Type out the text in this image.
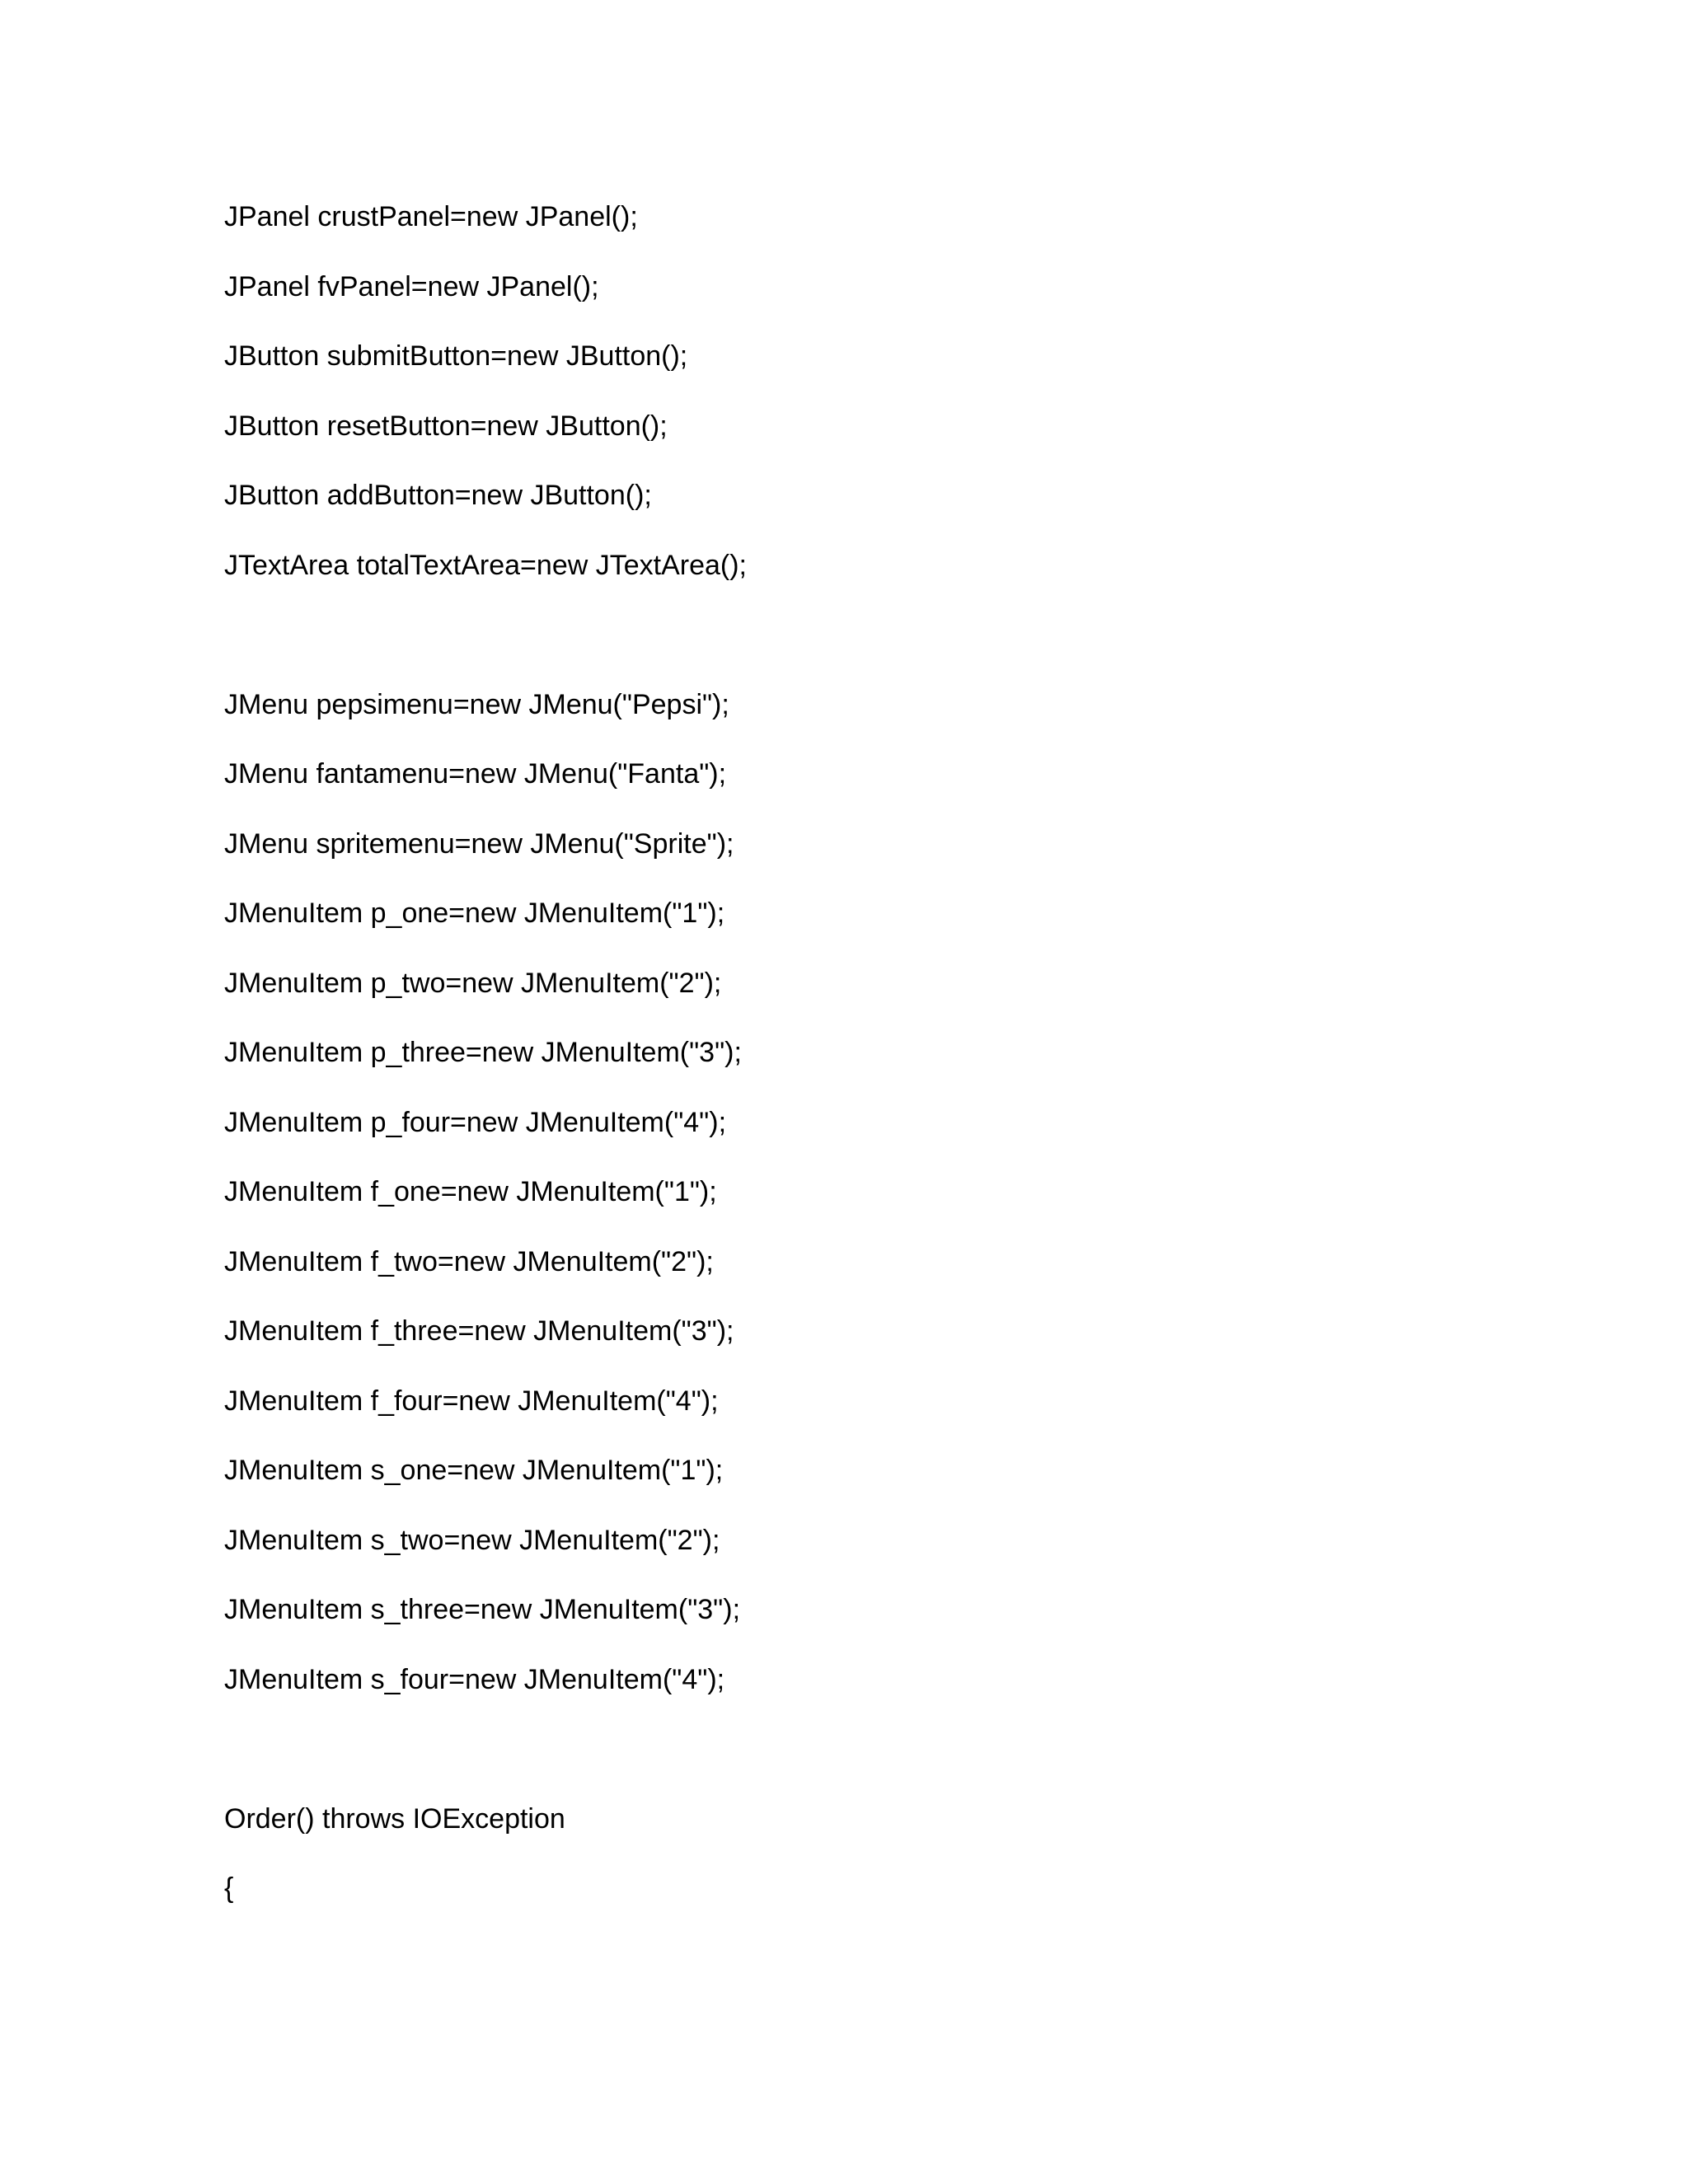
JPanel crustPanel=new JPanel();
JPanel fvPanel=new JPanel();
JButton submitButton=new JButton();
JButton resetButton=new JButton();
JButton addButton=new JButton();
JTextArea totalTextArea=new JTextArea();
JMenu pepsimenu=new JMenu("Pepsi");
JMenu fantamenu=new JMenu("Fanta");
JMenu spritemenu=new JMenu("Sprite");
JMenuItem p_one=new JMenuItem("1");
JMenuItem p_two=new JMenuItem("2");
JMenuItem p_three=new JMenuItem("3");
JMenuItem p_four=new JMenuItem("4");
JMenuItem f_one=new JMenuItem("1");
JMenuItem f_two=new JMenuItem("2");
JMenuItem f_three=new JMenuItem("3");
JMenuItem f_four=new JMenuItem("4");
JMenuItem s_one=new JMenuItem("1");
JMenuItem s_two=new JMenuItem("2");
JMenuItem s_three=new JMenuItem("3");
JMenuItem s_four=new JMenuItem("4");
Order() throws IOException
{
